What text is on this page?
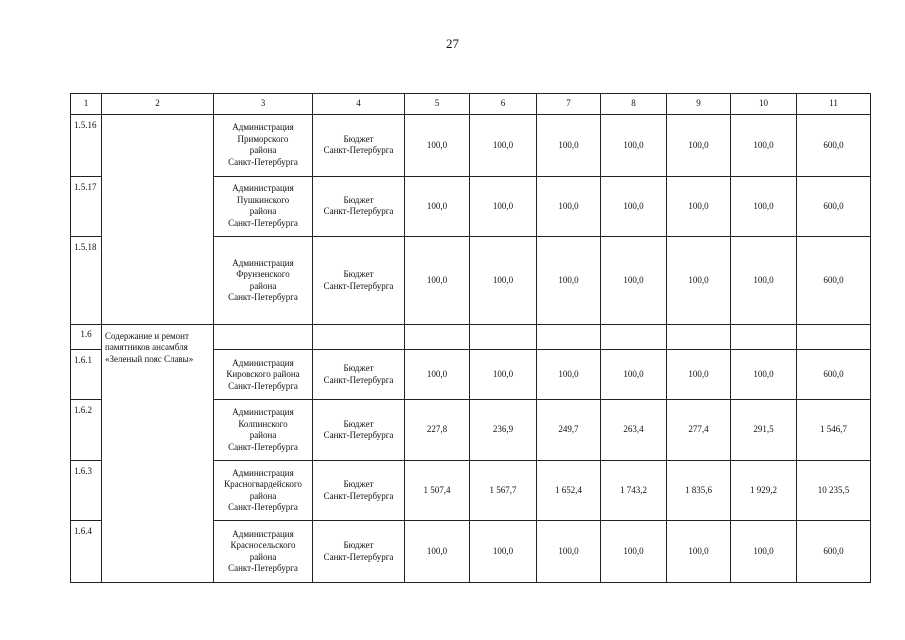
27
1	2	3	4	5	6	7	8	9	10	11
1.5.16		Администрация
Приморского
района
Санкт-Петербурга	Бюджет
Санкт-Петербурга	100,0	100,0	100,0	100,0	100,0	100,0	600,0
1.5.17		Администрация
Пушкинского
района
Санкт-Петербурга	Бюджет
Санкт-Петербурга	100,0	100,0	100,0	100,0	100,0	100,0	600,0
1.5.18		Администрация
Фрунзенского
района
Санкт-Петербурга	Бюджет
Санкт-Петербурга	100,0	100,0	100,0	100,0	100,0	100,0	600,0
1.6	Содержание и ремонт памятников ансамбля «Зеленый пояс Славы»									
1.6.1		Администрация
Кировского района
Санкт-Петербурга	Бюджет
Санкт-Петербурга	100,0	100,0	100,0	100,0	100,0	100,0	600,0
1.6.2		Администрация
Колпинского
района
Санкт-Петербурга	Бюджет
Санкт-Петербурга	227,8	236,9	249,7	263,4	277,4	291,5	1 546,7
1.6.3		Администрация
Красногвардейского
района
Санкт-Петербурга	Бюджет
Санкт-Петербурга	1 507,4	1 567,7	1 652,4	1 743,2	1 835,6	1 929,2	10 235,5
1.6.4		Администрация
Красносельского
района
Санкт-Петербурга	Бюджет
Санкт-Петербурга	100,0	100,0	100,0	100,0	100,0	100,0	600,0
